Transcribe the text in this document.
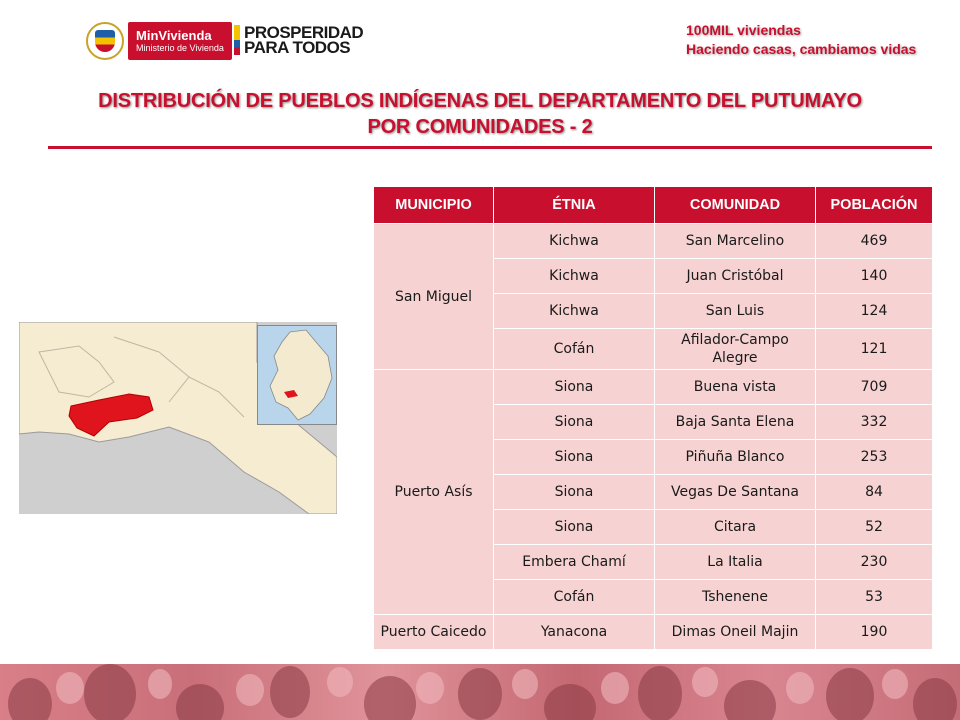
MinVivienda
Ministerio de Vivienda
PROSPERIDAD
PARA TODOS
100MIL viviendas
Haciendo casas, cambiamos vidas
DISTRIBUCIÓN DE PUEBLOS INDÍGENAS DEL DEPARTAMENTO DEL PUTUMAYO
POR COMUNIDADES - 2
MUNICIPIO	ÉTNIA	COMUNIDAD	POBLACIÓN
San Miguel	Kichwa	San Marcelino	469
	Kichwa	Juan Cristóbal	140
	Kichwa	San Luis	124
	Cofán	Afilador-Campo Alegre	121
Puerto Asís	Siona	Buena vista	709
	Siona	Baja Santa Elena	332
	Siona	Piñuña Blanco	253
	Siona	Vegas De Santana	84
	Siona	Citara	52
	Embera Chamí	La Italia	230
	Cofán	Tshenene	53
Puerto Caicedo	Yanacona	Dimas Oneil Majin	190
